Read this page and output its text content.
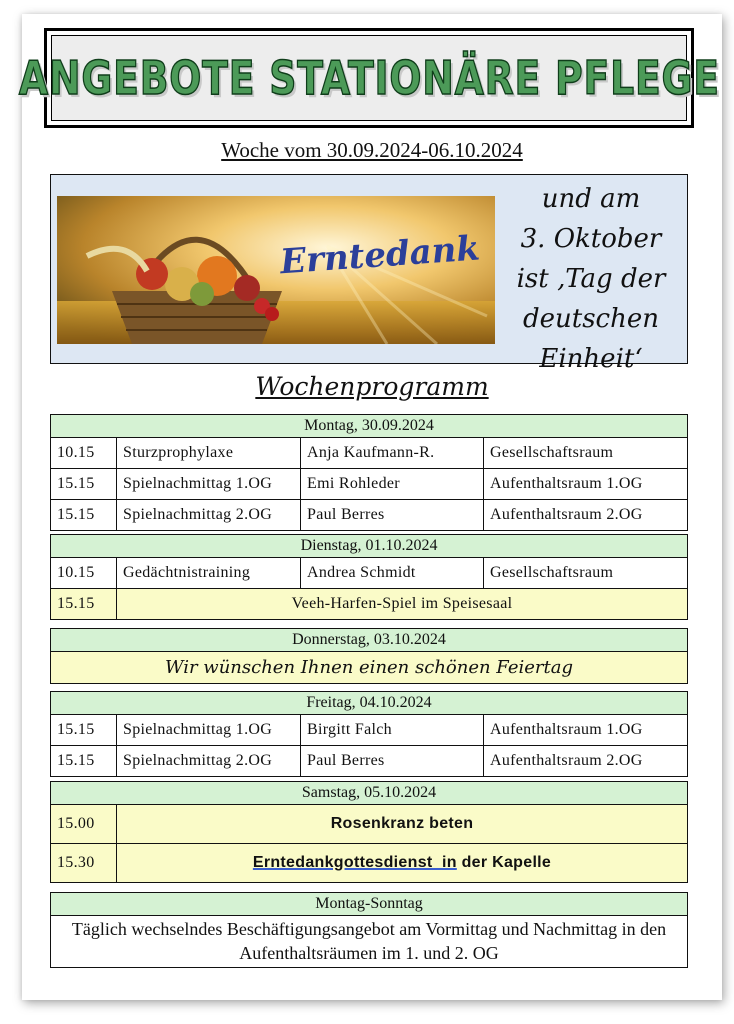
ANGEBOTE STATIONÄRE PFLEGE
Woche vom 30.09.2024-06.10.2024
Erntedank
und am
3. Oktober
ist ‚Tag der
deutschen
Einheit‘
Wochenprogramm
Montag, 30.09.2024
10.15	Sturzprophylaxe	Anja Kaufmann-R.	Gesellschaftsraum
15.15	Spielnachmittag 1.OG	Emi Rohleder	Aufenthaltsraum 1.OG
15.15	Spielnachmittag 2.OG	Paul Berres	Aufenthaltsraum 2.OG
Dienstag, 01.10.2024
10.15	Gedächtnistraining	Andrea Schmidt	Gesellschaftsraum
15.15	Veeh-Harfen-Spiel im Speisesaal
Donnerstag, 03.10.2024
Wir wünschen Ihnen einen schönen Feiertag
Freitag, 04.10.2024
15.15	Spielnachmittag 1.OG	Birgitt Falch	Aufenthaltsraum 1.OG
15.15	Spielnachmittag 2.OG	Paul Berres	Aufenthaltsraum 2.OG
Samstag, 05.10.2024
15.00	Rosenkranz beten
15.30	Erntedankgottesdienst  in der Kapelle
Montag-Sonntag
Täglich wechselndes Beschäftigungsangebot am Vormittag und Nachmittag in den Aufenthaltsräumen im 1. und 2. OG
